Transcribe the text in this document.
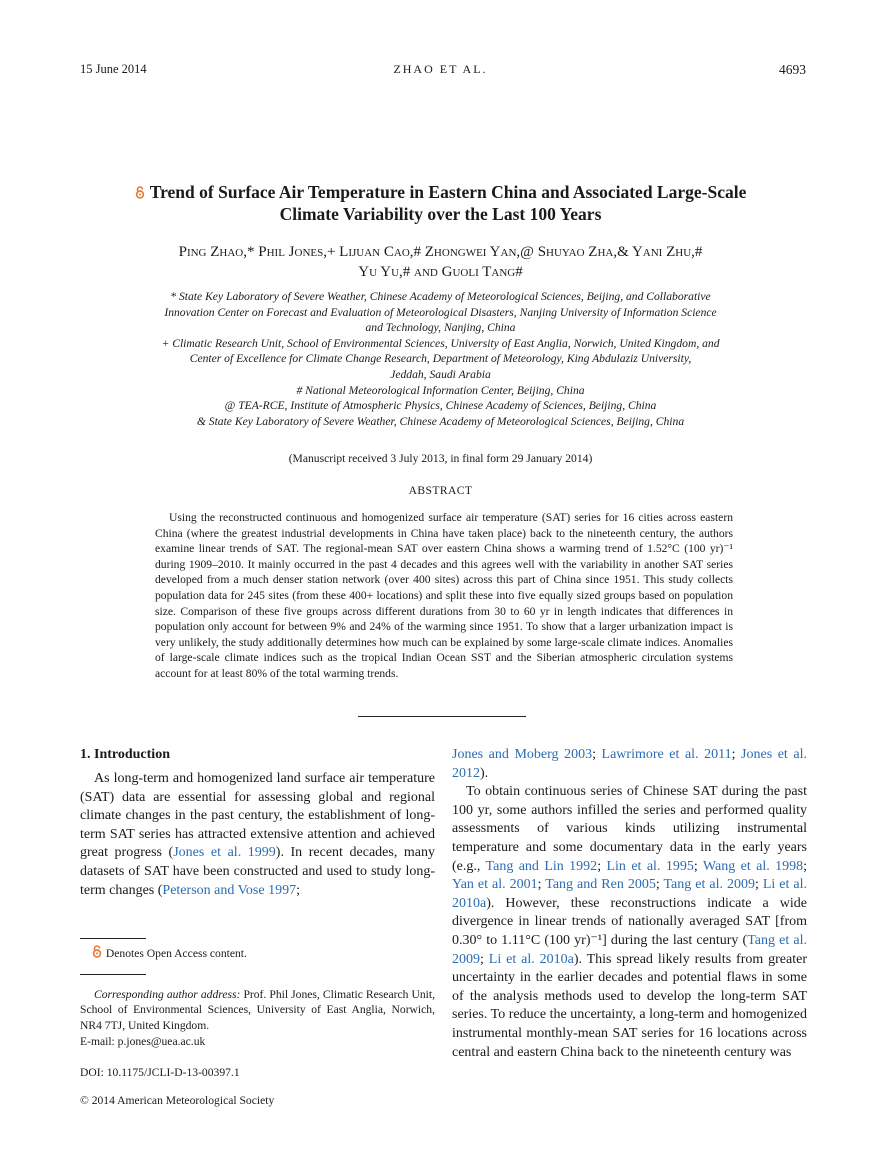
15 June 2014	ZHAO ET AL.	4693
Trend of Surface Air Temperature in Eastern China and Associated Large-Scale
Climate Variability over the Last 100 Years
Ping Zhao,* Phil Jones,+ Lijuan Cao,# Zhongwei Yan,@ Shuyao Zha,& Yani Zhu,#
Yu Yu,# and Guoli Tang#
* State Key Laboratory of Severe Weather, Chinese Academy of Meteorological Sciences, Beijing, and Collaborative
Innovation Center on Forecast and Evaluation of Meteorological Disasters, Nanjing University of Information Science
and Technology, Nanjing, China
+ Climatic Research Unit, School of Environmental Sciences, University of East Anglia, Norwich, United Kingdom, and
Center of Excellence for Climate Change Research, Department of Meteorology, King Abdulaziz University,
Jeddah, Saudi Arabia
# National Meteorological Information Center, Beijing, China
@ TEA-RCE, Institute of Atmospheric Physics, Chinese Academy of Sciences, Beijing, China
& State Key Laboratory of Severe Weather, Chinese Academy of Meteorological Sciences, Beijing, China
(Manuscript received 3 July 2013, in final form 29 January 2014)
ABSTRACT

Using the reconstructed continuous and homogenized surface air temperature (SAT) series for 16 cities across eastern China (where the greatest industrial developments in China have taken place) back to the nineteenth century, the authors examine linear trends of SAT. The regional-mean SAT over eastern China shows a warming trend of 1.52°C (100 yr)⁻¹ during 1909–2010. It mainly occurred in the past 4 decades and this agrees well with the variability in another SAT series developed from a much denser station network (over 400 sites) across this part of China since 1951. This study collects population data for 245 sites (from these 400+ locations) and split these into five equally sized groups based on population size. Comparison of these five groups across different durations from 30 to 60 yr in length indicates that differences in population only account for between 9% and 24% of the warming since 1951. To show that a larger urbanization impact is very unlikely, the study additionally determines how much can be explained by some large-scale climate indices. Anomalies of large-scale climate indices such as the tropical Indian Ocean SST and the Siberian atmospheric circulation systems account for at least 80% of the total warming trends.

1. Introduction

As long-term and homogenized land surface air temperature (SAT) data are essential for assessing global and regional climate changes in the past century, the establishment of long-term SAT series has attracted extensive attention and achieved great progress (Jones et al. 1999). In recent decades, many datasets of SAT have been constructed and used to study long-term changes (Peterson and Vose 1997;

Denotes Open Access content.
Corresponding author address: Prof. Phil Jones, Climatic Research Unit, School of Environmental Sciences, University of East Anglia, Norwich, NR4 7TJ, United Kingdom.
E-mail: p.jones@uea.ac.uk
DOI: 10.1175/JCLI-D-13-00397.1
© 2014 American Meteorological Society

Jones and Moberg 2003; Lawrimore et al. 2011; Jones et al. 2012).

To obtain continuous series of Chinese SAT during the past 100 yr, some authors infilled the series and performed quality assessments of various kinds utilizing instrumental temperature and some documentary data in the early years (e.g., Tang and Lin 1992; Lin et al. 1995; Wang et al. 1998; Yan et al. 2001; Tang and Ren 2005; Tang et al. 2009; Li et al. 2010a). However, these reconstructions indicate a wide divergence in linear trends of nationally averaged SAT [from 0.30° to 1.11°C (100 yr)⁻¹] during the last century (Tang et al. 2009; Li et al. 2010a). This spread likely results from greater uncertainty in the earlier decades and potential flaws in some of the analysis methods used to develop the long-term SAT series. To reduce the uncertainty, a long-term and homogenized instrumental monthly-mean SAT series for 16 locations across central and eastern China back to the nineteenth century was
